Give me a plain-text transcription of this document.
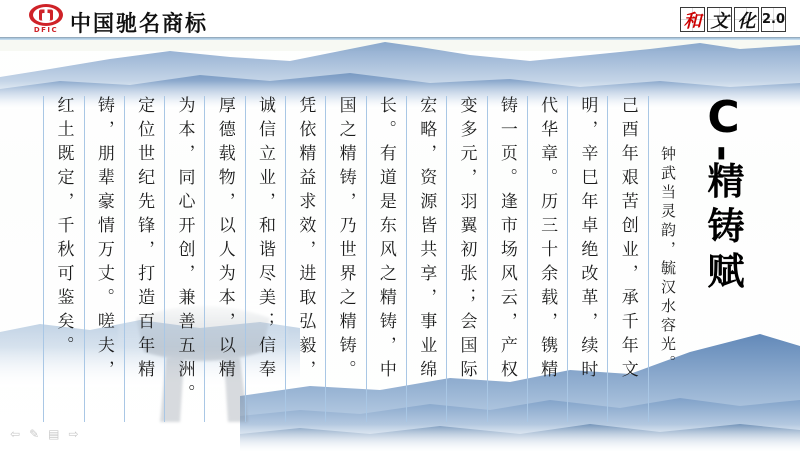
DFIC 中国驰名商标	和 文 化 2.0
C-精铸赋
钟武当灵韵，毓汉水容光。
己酉年艰苦创业，承千年文
明，辛巳年卓绝改革，续时
代华章。历三十余载，镌精
铸一页。逢市场风云，产权
变多元，羽翼初张；会国际
宏略，资源皆共享，事业绵
长。有道是东风之精铸，中
国之精铸，乃世界之精铸。
凭依精益求效，进取弘毅，
诚信立业，和谐尽美；信奉
厚德载物，以人为本，以精
为本，同心开创，兼善五洲。
定位世纪先锋，打造百年精
铸，朋辈豪情万丈。嗟夫，
红土既定，千秋可鉴矣。
⇦ ✎ ▤ ⇨
